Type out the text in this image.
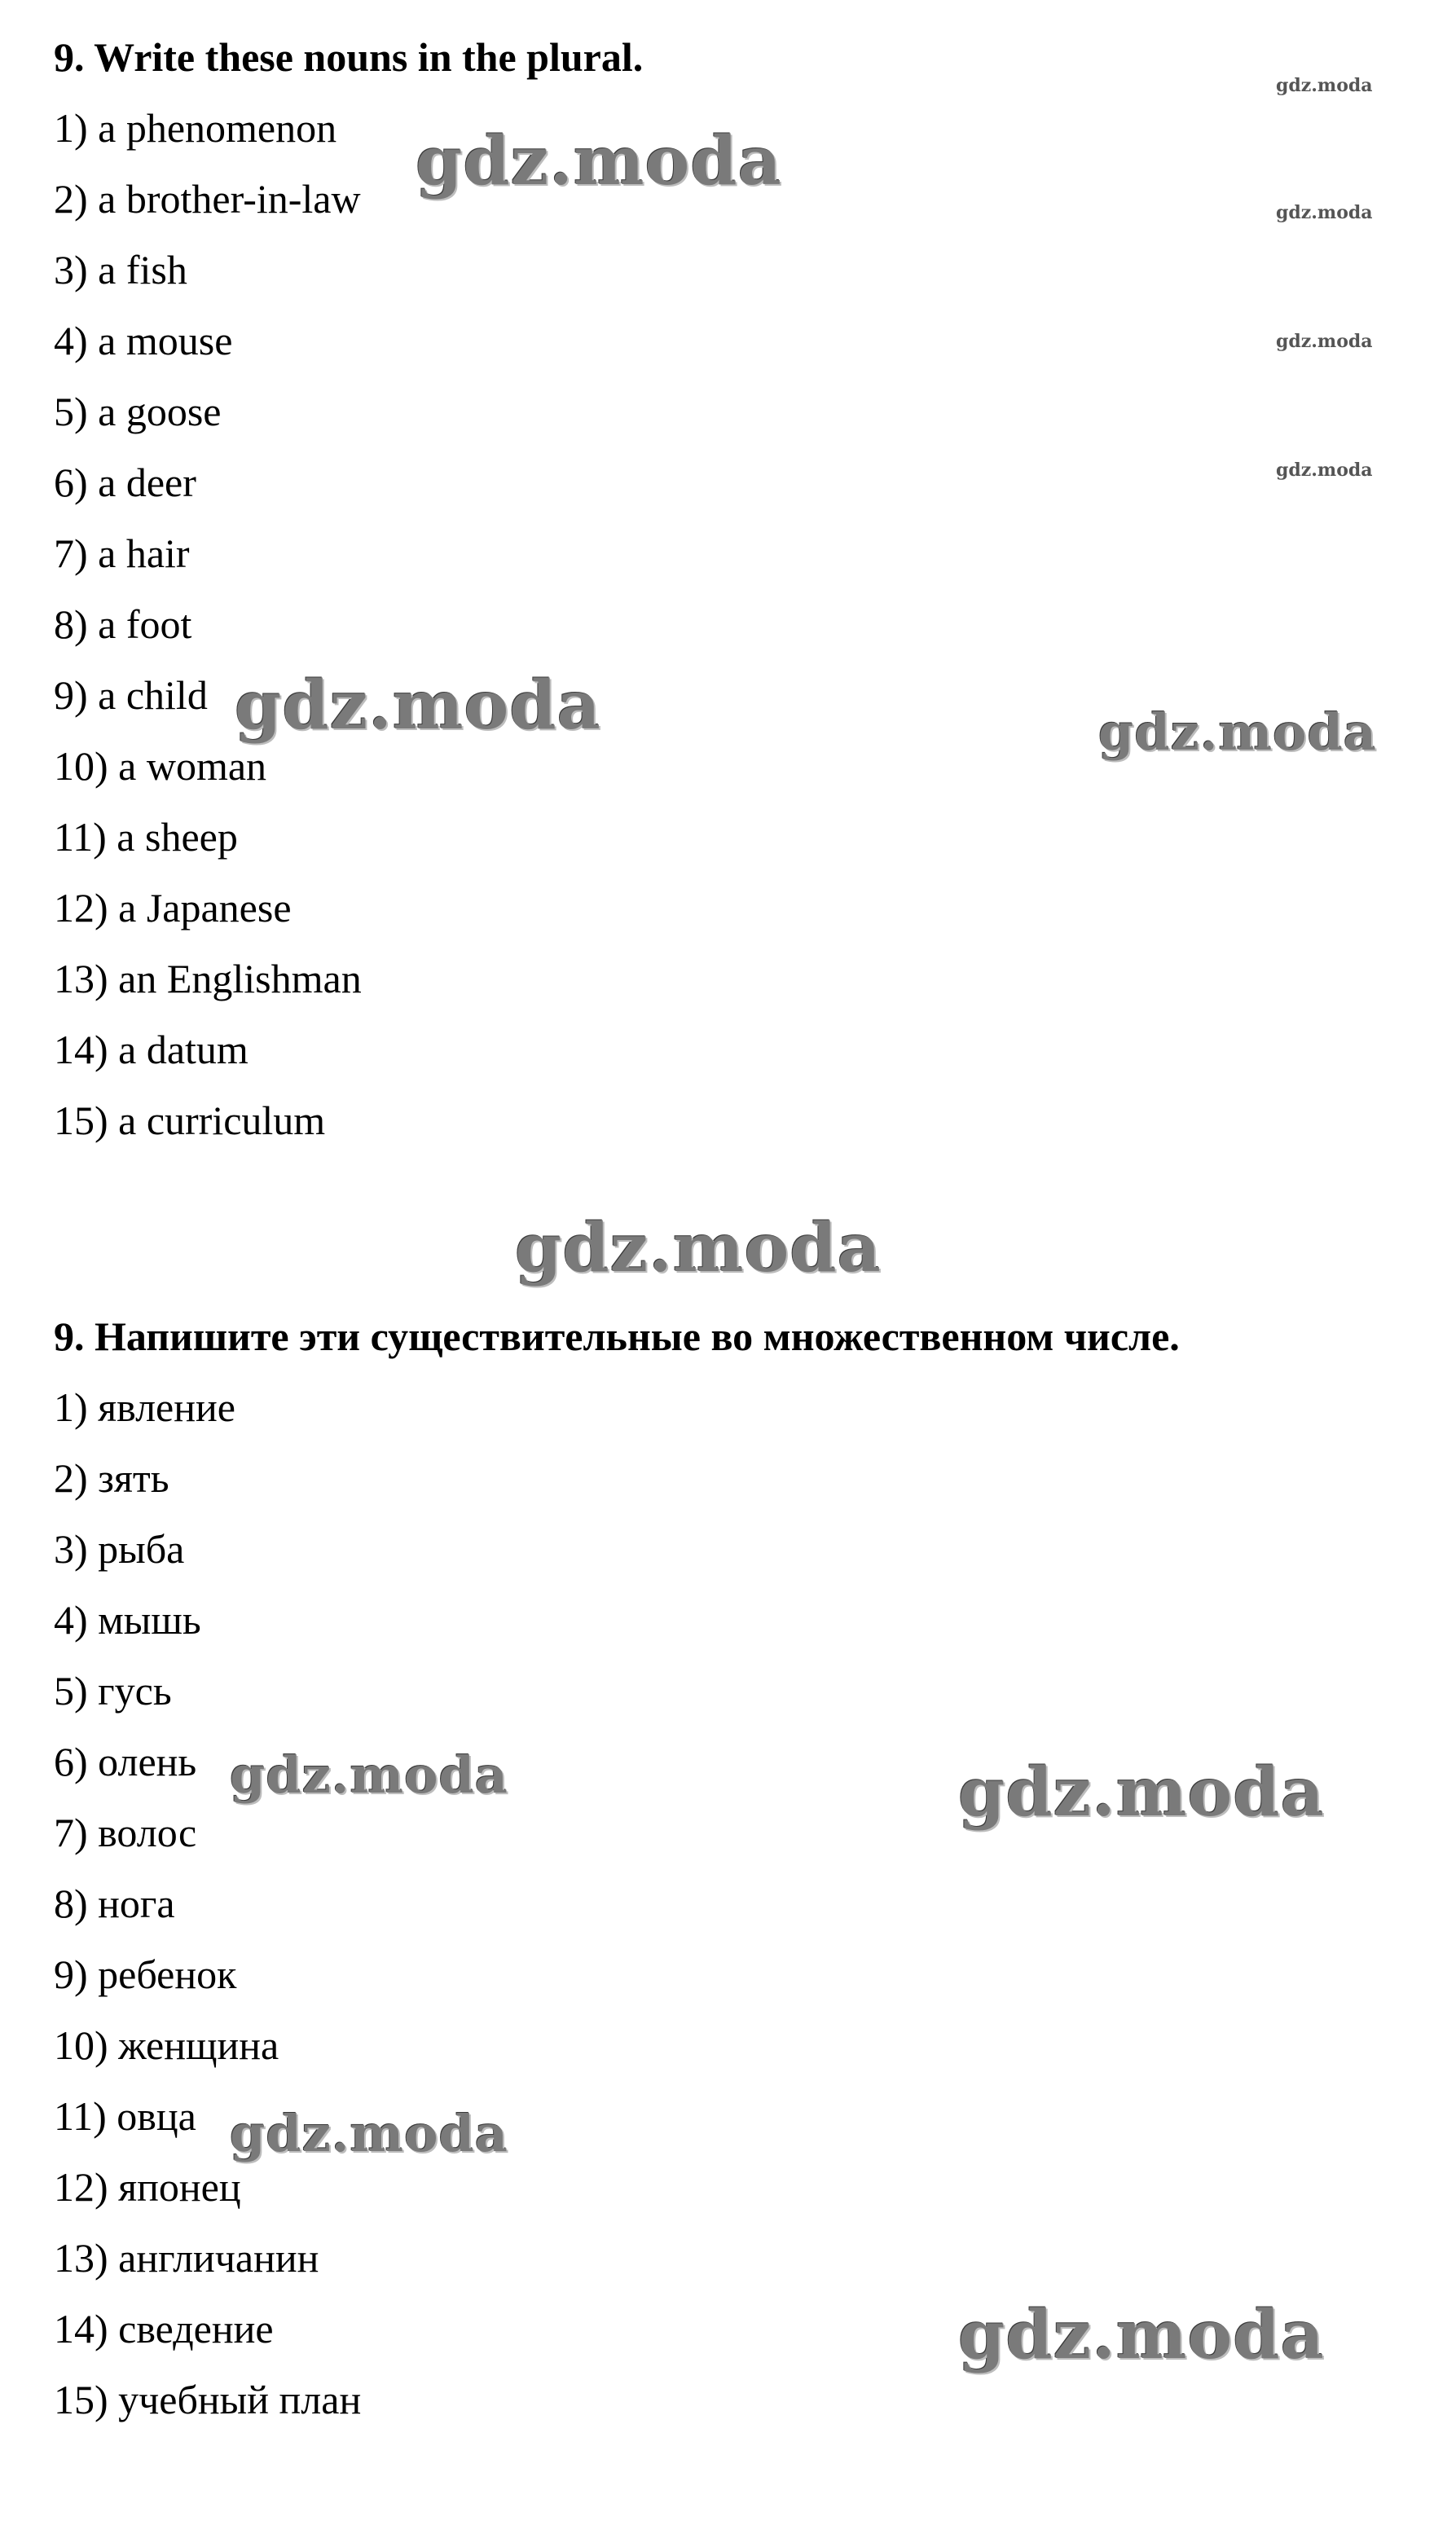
9. Write these nouns in the plural.
1) a phenomenon
2) a brother-in-law
3) a fish
4) a mouse
5) a goose
6) a deer
7) a hair
8) a foot
9) a child
10) a woman
11) a sheep
12) a Japanese
13) an Englishman
14) a datum
15) a curriculum
9. Напишите эти существительные во множественном числе.
1) явление
2) зять
3) рыба
4) мышь
5) гусь
6) олень
7) волос
8) нога
9) ребенок
10) женщина
11) овца
12) японец
13) англичанин
14) сведение
15) учебный план
gdz.moda
gdz.moda
gdz.moda
gdz.moda
gdz.moda
gdz.moda	gdz.moda
gdz.moda
gdz.moda	gdz.moda
gdz.moda
gdz.moda
